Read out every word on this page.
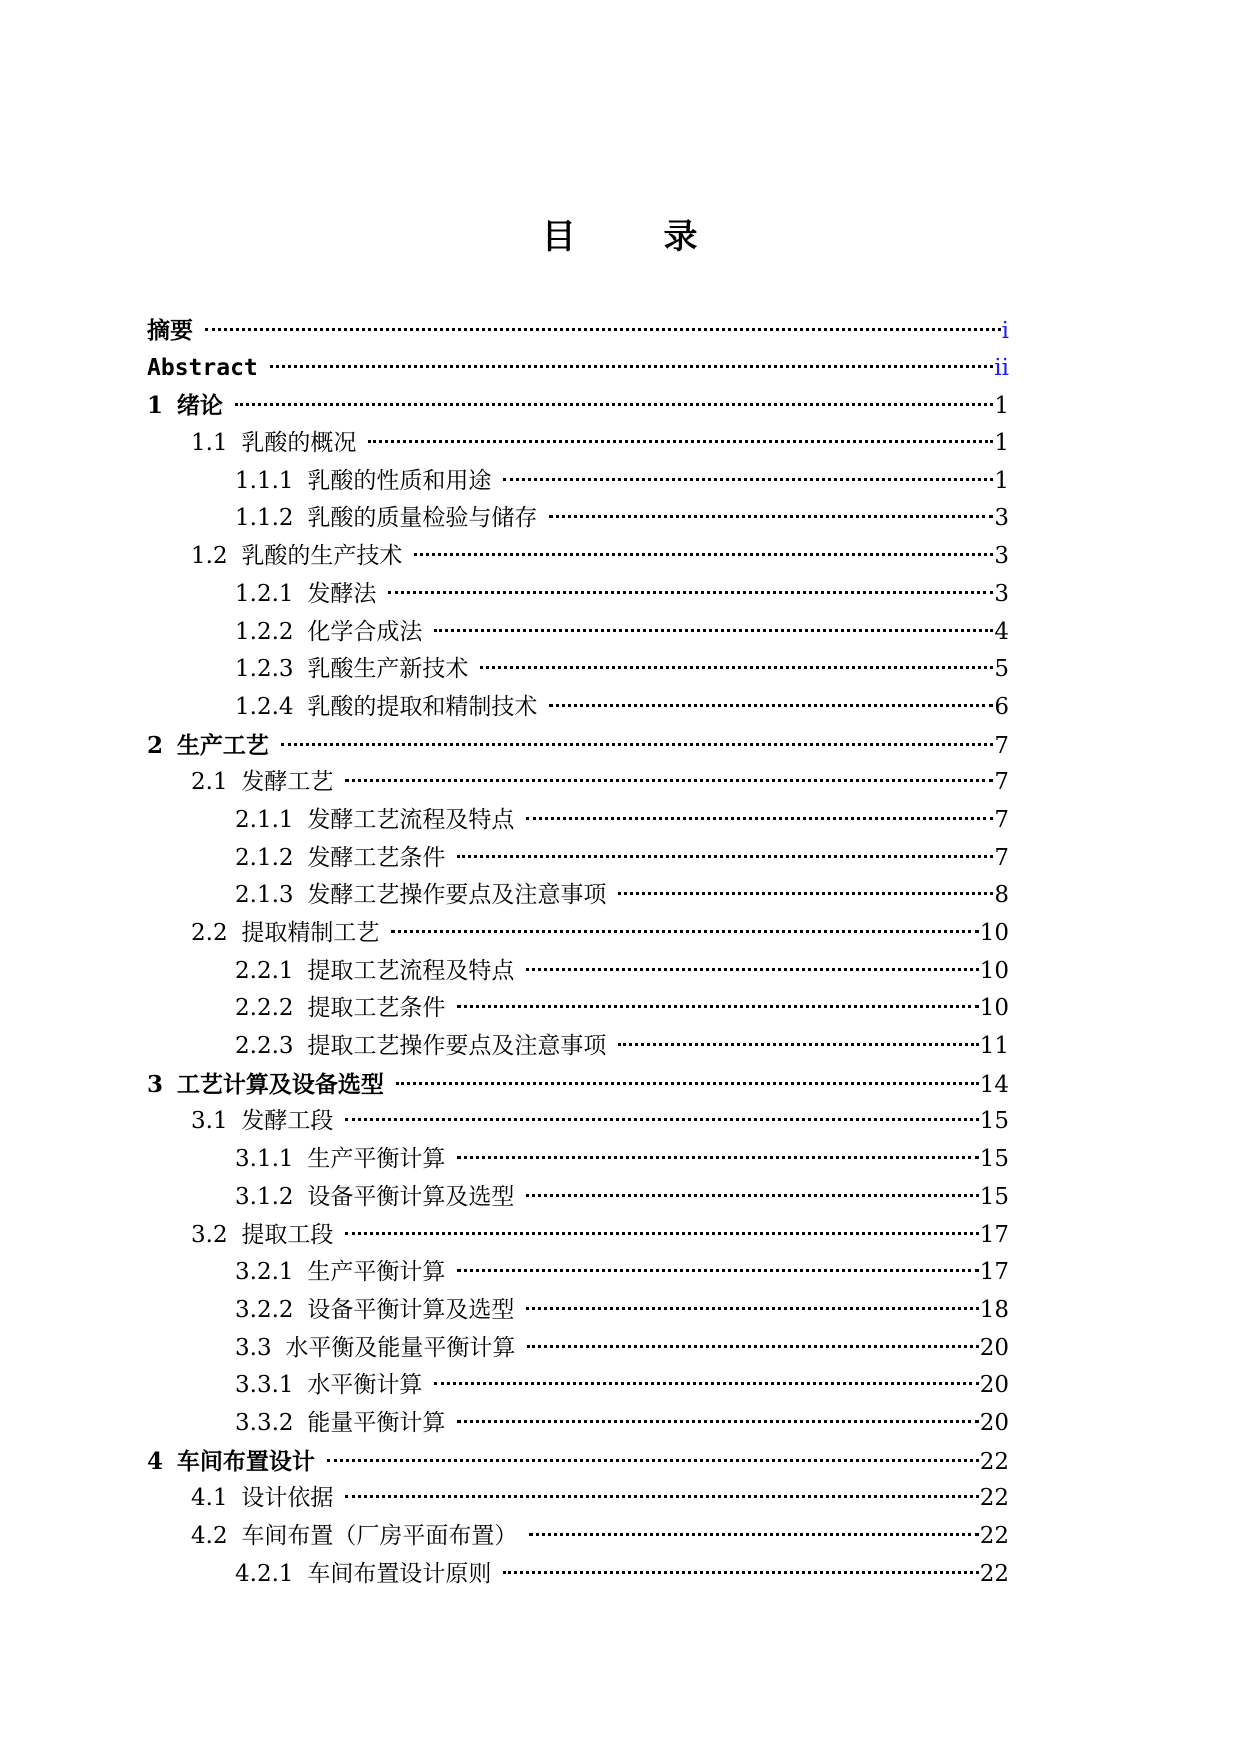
目	录
摘要	i
Abstract	ii
1 绪论	1
1.1 乳酸的概况	1
1.1.1 乳酸的性质和用途	1
1.1.2 乳酸的质量检验与储存	3
1.2 乳酸的生产技术	3
1.2.1 发酵法	3
1.2.2 化学合成法	4
1.2.3 乳酸生产新技术	5
1.2.4 乳酸的提取和精制技术	6
2 生产工艺	7
2.1 发酵工艺	7
2.1.1 发酵工艺流程及特点	7
2.1.2 发酵工艺条件	7
2.1.3 发酵工艺操作要点及注意事项	8
2.2 提取精制工艺	10
2.2.1 提取工艺流程及特点	10
2.2.2 提取工艺条件	10
2.2.3 提取工艺操作要点及注意事项	11
3 工艺计算及设备选型	14
3.1 发酵工段	15
3.1.1 生产平衡计算	15
3.1.2 设备平衡计算及选型	15
3.2 提取工段	17
3.2.1 生产平衡计算	17
3.2.2 设备平衡计算及选型	18
3.3 水平衡及能量平衡计算	20
3.3.1 水平衡计算	20
3.3.2 能量平衡计算	20
4 车间布置设计	22
4.1 设计依据	22
4.2 车间布置（厂房平面布置）	22
4.2.1 车间布置设计原则	22
